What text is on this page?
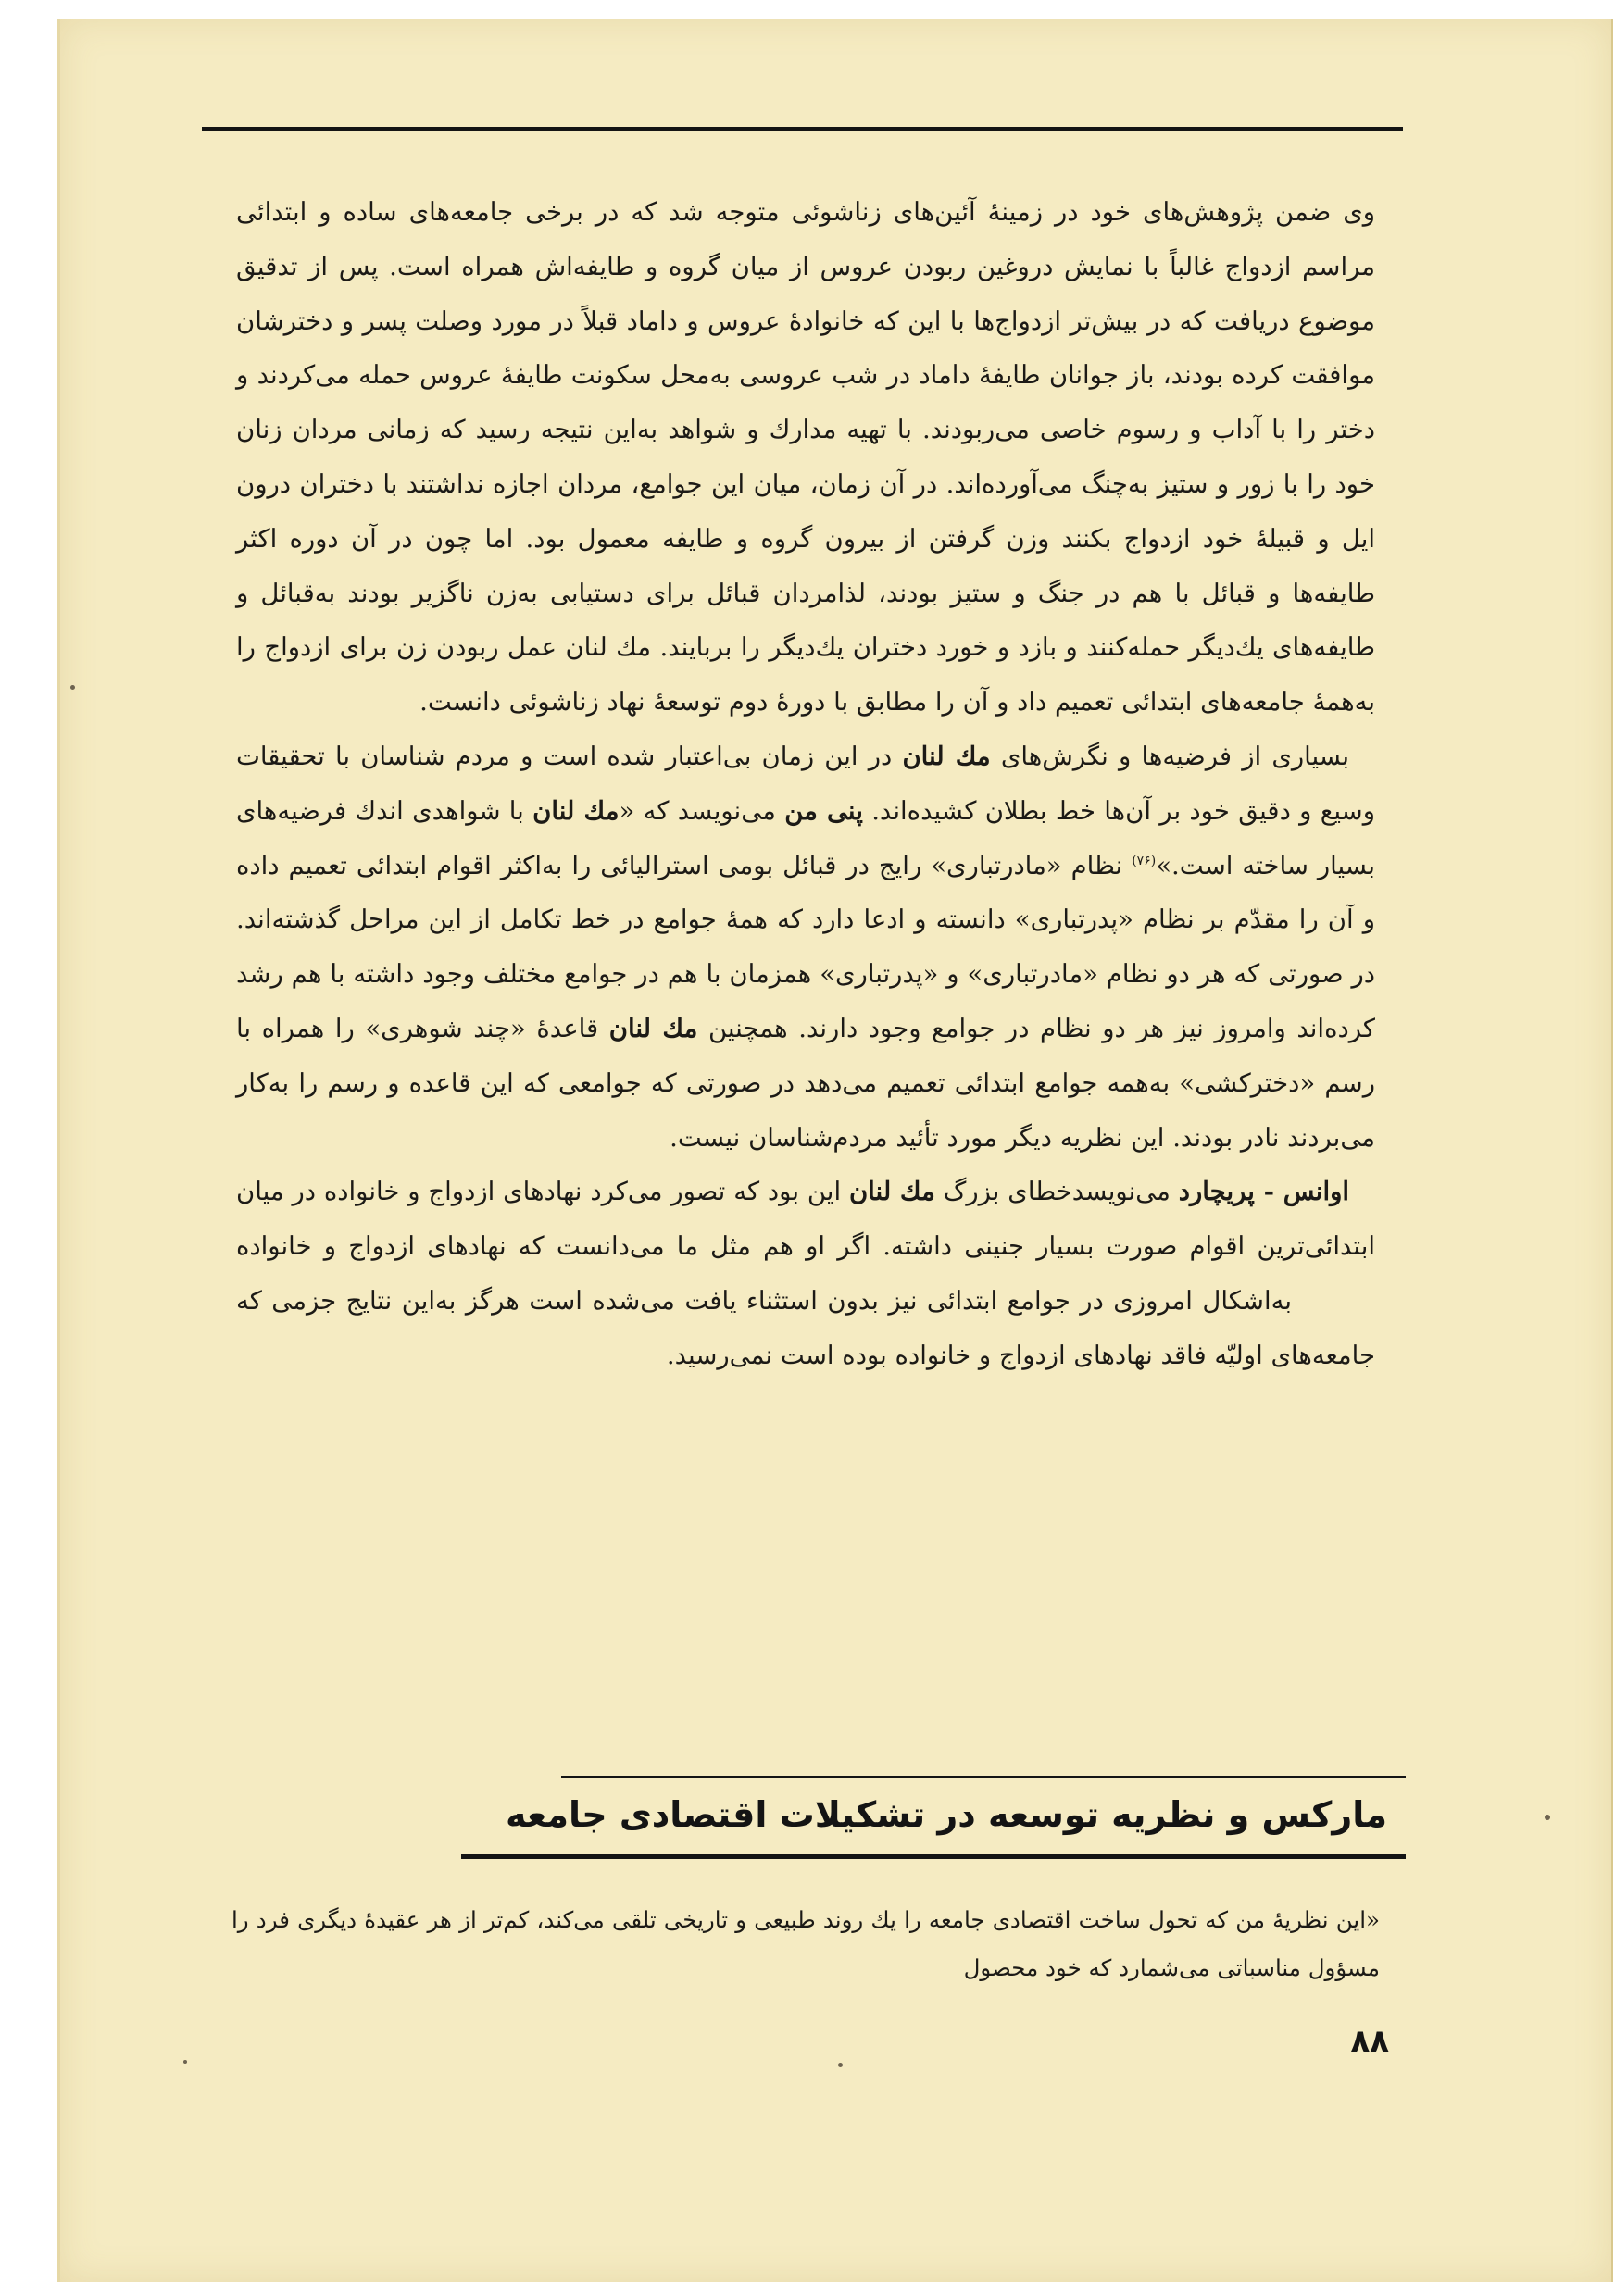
وی ضمن پژوهش‌های خود در زمینهٔ آئین‌های زناشوئی متوجه شد که در برخی جامعه‌های ساده و ابتدائی مراسم ازدواج غالباً با نمایش دروغین ربودن عروس از میان گروه و طایفه‌اش همراه است. پس از تدقیق موضوع دریافت که در بیش‌تر ازدواج‌ها با این که خانوادهٔ عروس و داماد قبلاً در مورد وصلت پسر و دخترشان موافقت کرده بودند، باز جوانان طایفهٔ داماد در شب عروسی به‌محل سکونت طایفهٔ عروس حمله می‌کردند و دختر را با آداب و رسوم خاصی می‌ربودند. با تهیه مدارك و شواهد به‌این نتیجه رسید که زمانی مردان زنان خود را با زور و ستیز به‌چنگ می‌آورده‌اند. در آن زمان، میان این جوامع، مردان اجازه نداشتند با دختران درون ایل و قبیلهٔ خود ازدواج بکنند وزن گرفتن از بیرون گروه و طایفه معمول بود. اما چون در آن دوره اکثر طایفه‌ها و قبائل با هم در جنگ و ستیز بودند، لذامردان قبائل برای دستیابی به‌زن ناگزیر بودند به‌قبائل و طایفه‌های یك‌دیگر حمله‌کنند و بازد و خورد دختران یك‌دیگر را بربایند. مك لنان عمل ربودن زن برای ازدواج را به‌همهٔ جامعه‌های ابتدائی تعمیم داد و آن را مطابق با دورهٔ دوم توسعهٔ نهاد زناشوئی دانست.

بسیاری از فرضیه‌ها و نگرش‌های مك لنان در این زمان بی‌اعتبار شده است و مردم شناسان با تحقیقات وسیع و دقیق خود بر آن‌ها خط بطلان کشیده‌اند. پنی من می‌نویسد که «مك لنان با شواهدی اندك فرضیه‌های بسیار ساخته است.»$^{(۷۶)}$ نظام «مادرتباری» رایج در قبائل بومی استرالیائی را به‌اکثر اقوام ابتدائی تعمیم داده و آن را مقدّم بر نظام «پدرتباری» دانسته و ادعا دارد که همهٔ جوامع در خط تکامل از این مراحل گذشته‌اند. در صورتی که هر دو نظام «مادرتباری» و «پدرتباری» همزمان با هم در جوامع مختلف وجود داشته با هم رشد کرده‌اند وامروز نیز هر دو نظام در جوامع وجود دارند. همچنین مك لنان قاعدهٔ «چند شوهری» را همراه با رسم «دخترکشی» به‌همه جوامع ابتدائی تعمیم می‌دهد در صورتی که جوامعی که این قاعده و رسم را به‌کار می‌بردند نادر بودند. این نظریه دیگر مورد تأئید مردم‌شناسان نیست.

اوانس - پریچارد می‌نویسدخطای بزرگ مك لنان این بود که تصور می‌کرد نهادهای ازدواج و خانواده در میان ابتدائی‌ترین اقوام صورت بسیار جنینی داشته. اگر او هم مثل ما می‌دانست که نهادهای ازدواج و خانوادهبه‌اشکال امروزی در جوامع ابتدائی نیز بدون استثناء یافت می‌شده است هرگز به‌این نتایج جزمی که جامعه‌های اولیّه فاقد نهادهای ازدواج و خانواده بوده است نمی‌رسید.

مارکس و نظریه توسعه در تشکیلات اقتصادی جامعه

«این نظریهٔ من که تحول ساخت اقتصادی جامعه را یك روند طبیعی و تاریخی تلقی می‌کند، کم‌تر از هر عقیدهٔ دیگری فرد را مسؤول مناسباتی می‌شمارد که خود محصول

۸۸
